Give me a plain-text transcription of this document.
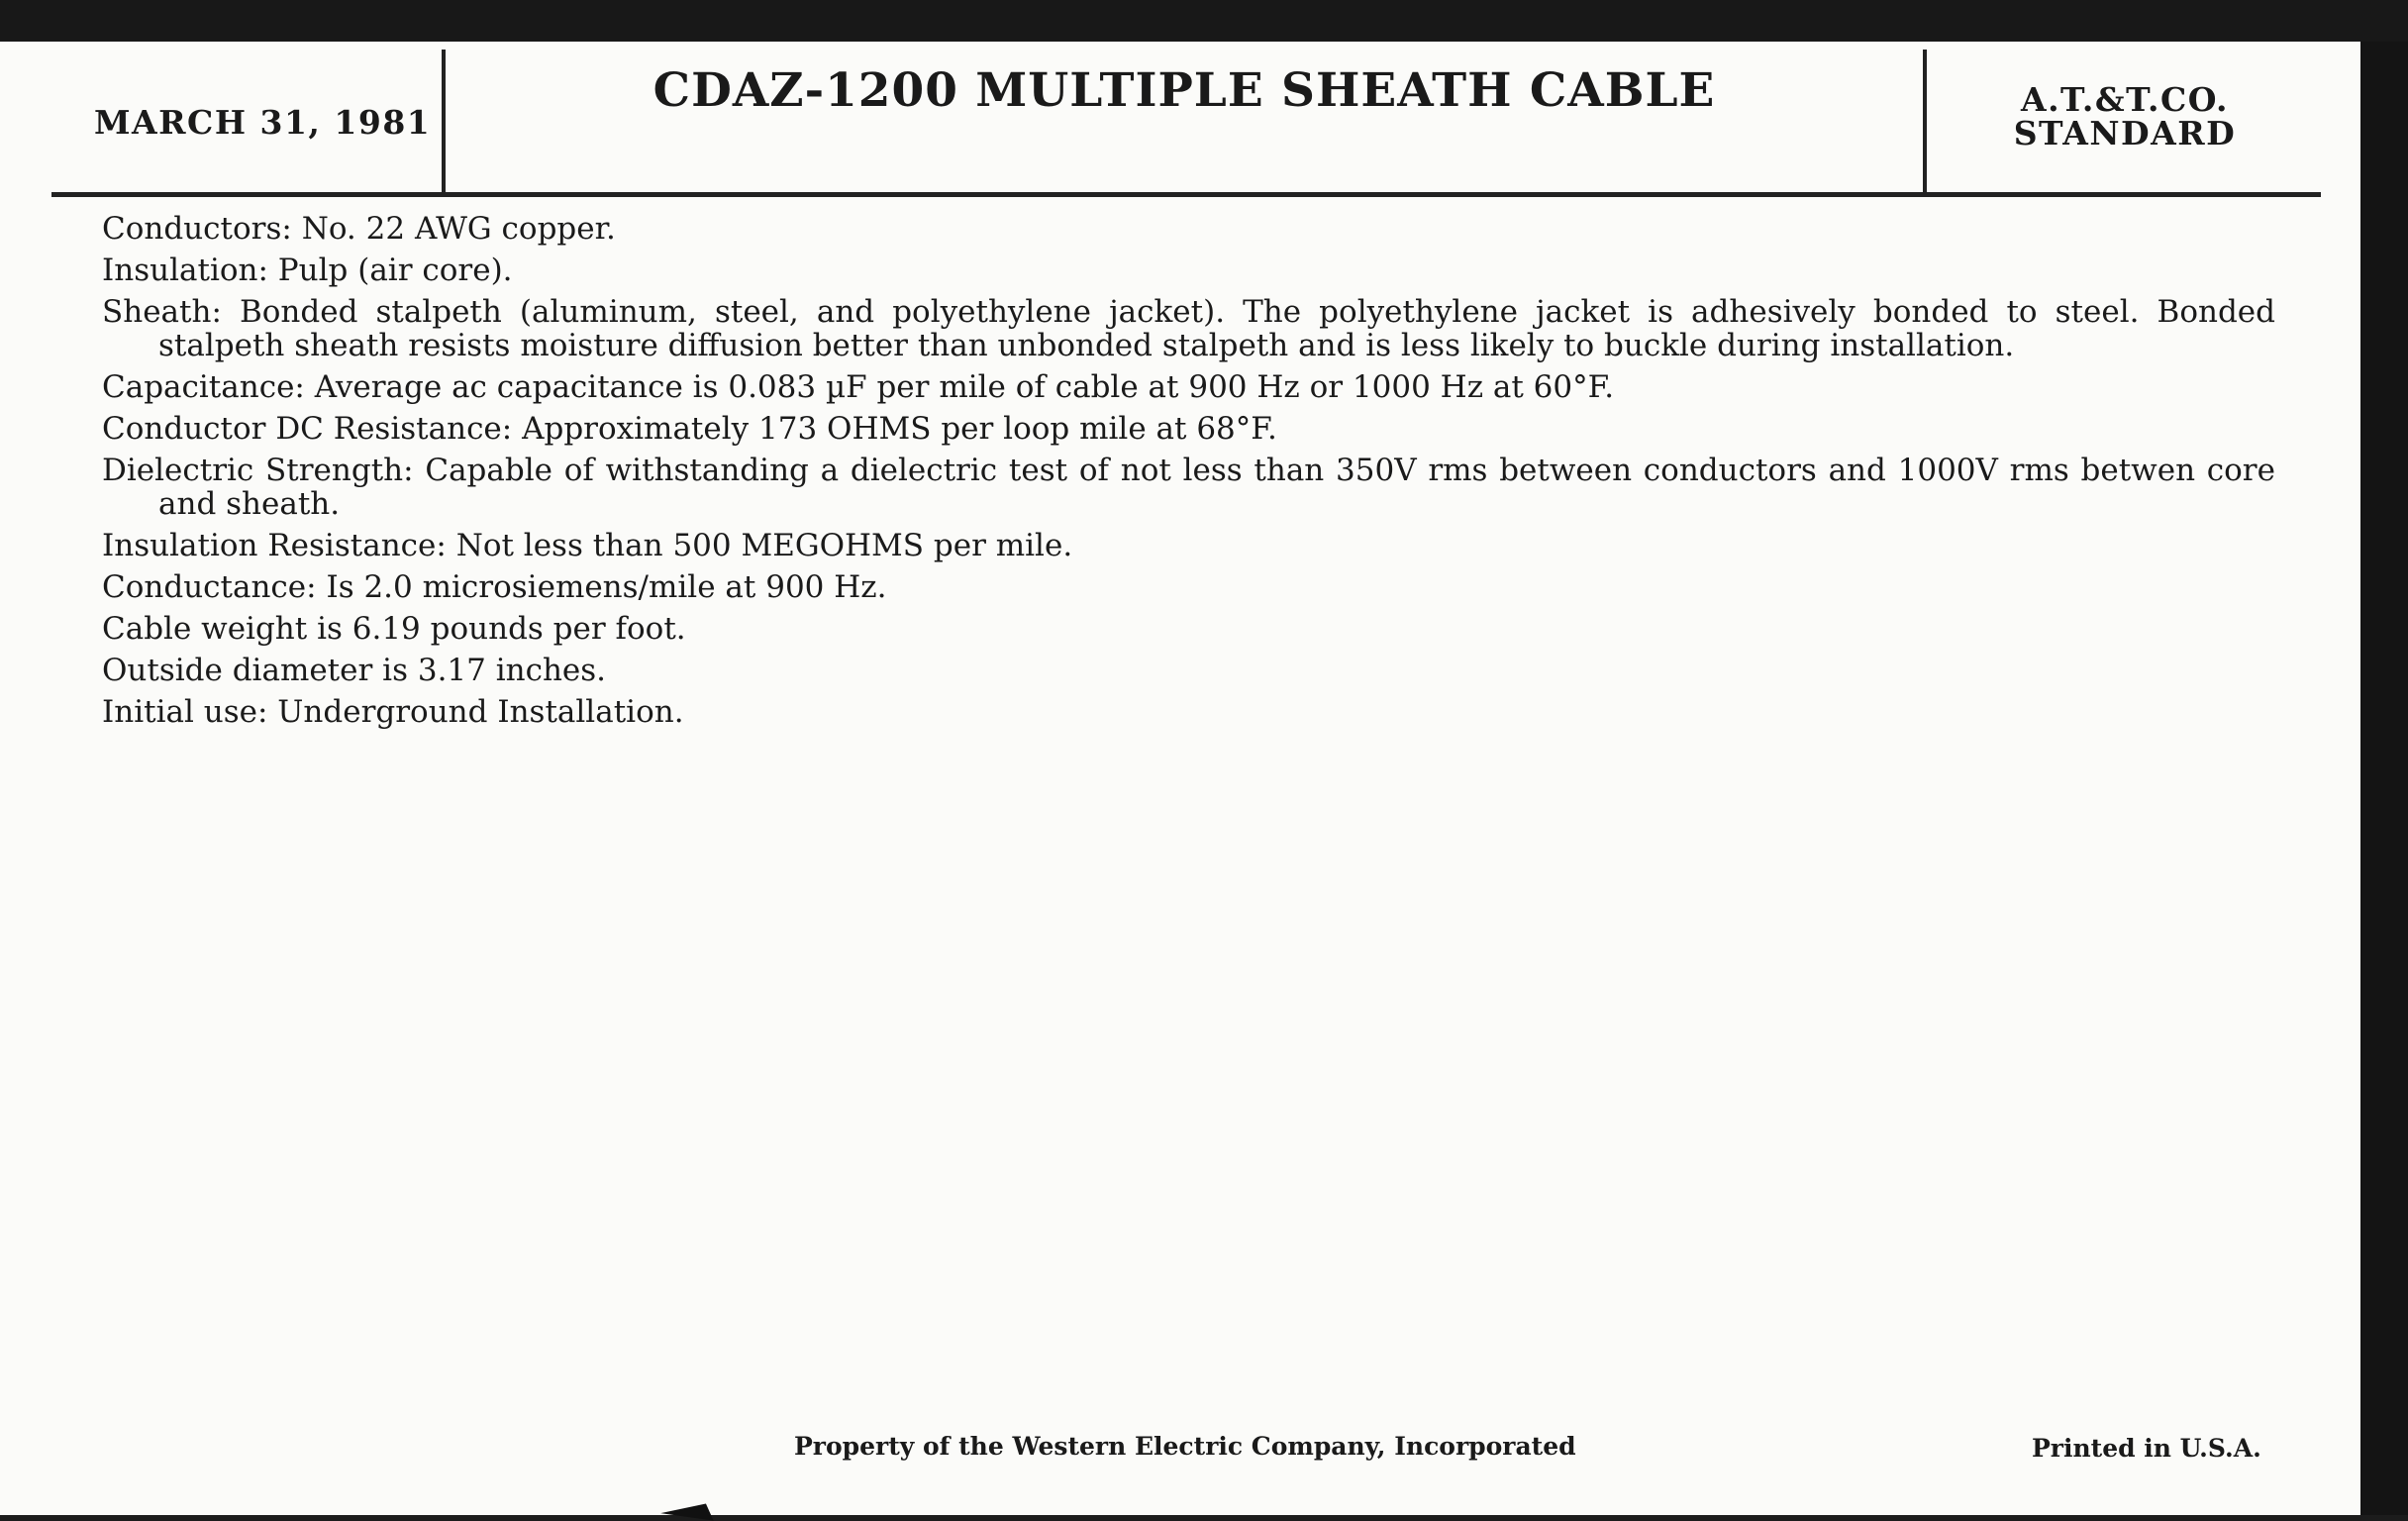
MARCH 31, 1981
CDAZ-1200 MULTIPLE SHEATH CABLE	A.T.&T.CO.
STANDARD

Conductors : No. 22 AWG copper.

Insulation : Pulp (air core).

Sheath : Bonded stalpeth (aluminum, steel, and polyethylene jacket). The polyethylene jacket is adhesively bonded to steel. Bonded stalpeth sheath resists moisture diffusion better than unbonded stalpeth and is less likely to buckle during installation.

Capacitance : Average ac capacitance is 0.083 µF per mile of cable at 900 Hz or 1000 Hz at 60°F.

Conductor DC Resistance : Approximately 173 OHMS per loop mile at 68°F.

Dielectric Strength : Capable of withstanding a dielectric test of not less than 350V rms between conductors and 1000V rms betwen core and sheath.

Insulation Resistance : Not less than 500 MEGOHMS per mile.

Conductance : Is 2.0 microsiemens/mile at 900 Hz.

Cable weight is 6.19 pounds per foot.

Outside diameter is 3.17 inches.

Initial use : Underground Installation.

Property of the Western Electric Company, Incorporated	Printed in U.S.A.
